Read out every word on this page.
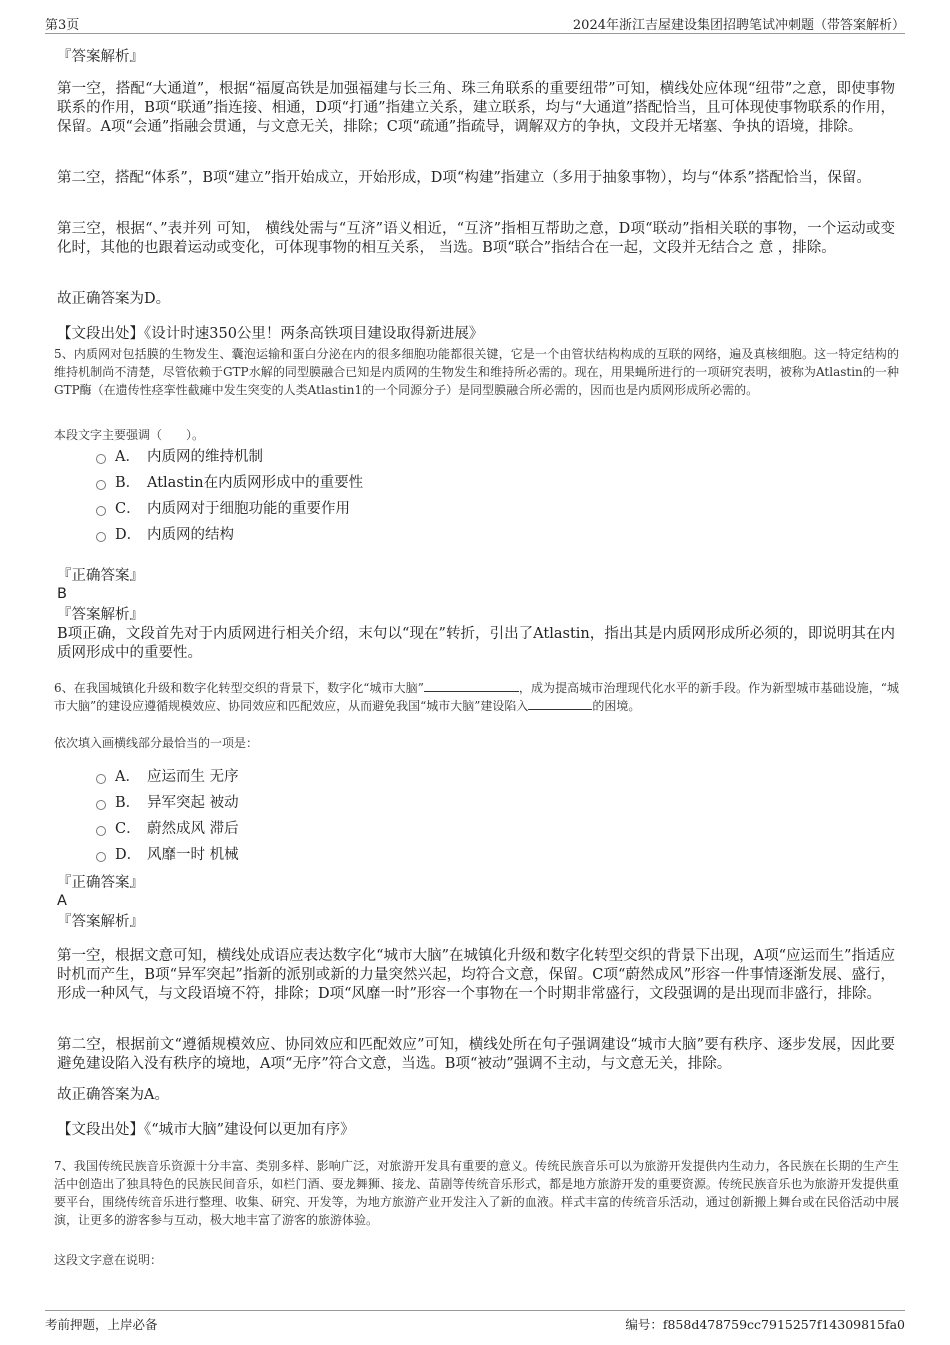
第3页	2024年浙江吉屋建设集团招聘笔试冲刺题（带答案解析）
『答案解析』
第一空，搭配“大通道”，根据“福厦高铁是加强福建与长三角、珠三角联系的重要纽带”可知，横线处应体现“纽带”之意，即使事物联系的作用，B项“联通”指连接、相通，D项“打通”指建立关系，建立联系，均与“大通道”搭配恰当，且可体现使事物联系的作用，保留。A项“会通”指融会贯通，与文意无关，排除；C项“疏通”指疏导，调解双方的争执，文段并无堵塞、争执的语境，排除。
第二空，搭配“体系”，B项“建立”指开始成立，开始形成，D项“构建”指建立（多用于抽象事物），均与“体系”搭配恰当，保留。
第三空，根据“、”表并列 可知， 横线处需与“互济”语义相近，“互济”指相互帮助之意，D项“联动”指相关联的事物，一个运动或变化时，其他的也跟着运动或变化，可体现事物的相互关系， 当选。B项“联合”指结合在一起，文段并无结合之 意 ，排除。
故正确答案为D。
【文段出处】《设计时速350公里！两条高铁项目建设取得新进展》
5、内质网对包括膜的生物发生、囊泡运输和蛋白分泌在内的很多细胞功能都很关键，它是一个由管状结构构成的互联的网络，遍及真核细胞。这一特定结构的维持机制尚不清楚，尽管依赖于GTP水解的同型膜融合已知是内质网的生物发生和维持所必需的。现在，用果蝇所进行的一项研究表明，被称为Atlastin的一种GTP酶（在遗传性痉挛性截瘫中发生突变的人类Atlastin1的一个同源分子）是同型膜融合所必需的，因而也是内质网形成所必需的。
本段文字主要强调（　　）。
A． 内质网的维持机制
B． Atlastin在内质网形成中的重要性
C． 内质网对于细胞功能的重要作用
D． 内质网的结构
『正确答案』
B
『答案解析』
B项正确，文段首先对于内质网进行相关介绍，末句以“现在”转折，引出了Atlastin，指出其是内质网形成所必须的，即说明其在内质网形成中的重要性。
6、在我国城镇化升级和数字化转型交织的背景下，数字化“城市大脑”	，成为提高城市治理现代化水平的新手段。作为新型城市基础设施，“城市大脑”的建设应遵循规模效应、协同效应和匹配效应，从而避免我国“城市大脑”建设陷入	的困境。
依次填入画横线部分最恰当的一项是：
A． 应运而生 无序
B． 异军突起 被动
C． 蔚然成风 滞后
D． 风靡一时 机械
『正确答案』
A
『答案解析』
第一空，根据文意可知，横线处成语应表达数字化“城市大脑”在城镇化升级和数字化转型交织的背景下出现，A项“应运而生”指适应时机而产生，B项“异军突起”指新的派别或新的力量突然兴起，均符合文意，保留。C项“蔚然成风”形容一件事情逐渐发展、盛行，形成一种风气，与文段语境不符，排除；D项“风靡一时”形容一个事物在一个时期非常盛行，文段强调的是出现而非盛行，排除。
第二空，根据前文“遵循规模效应、协同效应和匹配效应”可知，横线处所在句子强调建设“城市大脑”要有秩序、逐步发展，因此要避免建设陷入没有秩序的境地，A项“无序”符合文意，当选。B项“被动”强调不主动，与文意无关，排除。
故正确答案为A。
【文段出处】《“城市大脑”建设何以更加有序》
7、我国传统民族音乐资源十分丰富、类别多样、影响广泛，对旅游开发具有重要的意义。传统民族音乐可以为旅游开发提供内生动力，各民族在长期的生产生活中创造出了独具特色的民族民间音乐，如栏门酒、耍龙舞狮、接龙、苗剧等传统音乐形式，都是地方旅游开发的重要资源。传统民族音乐也为旅游开发提供重要平台，围绕传统音乐进行整理、收集、研究、开发等，为地方旅游产业开发注入了新的血液。样式丰富的传统音乐活动，通过创新搬上舞台或在民俗活动中展演，让更多的游客参与互动，极大地丰富了游客的旅游体验。
这段文字意在说明：
考前押题，上岸必备	编号：f858d478759cc7915257f14309815fa0
